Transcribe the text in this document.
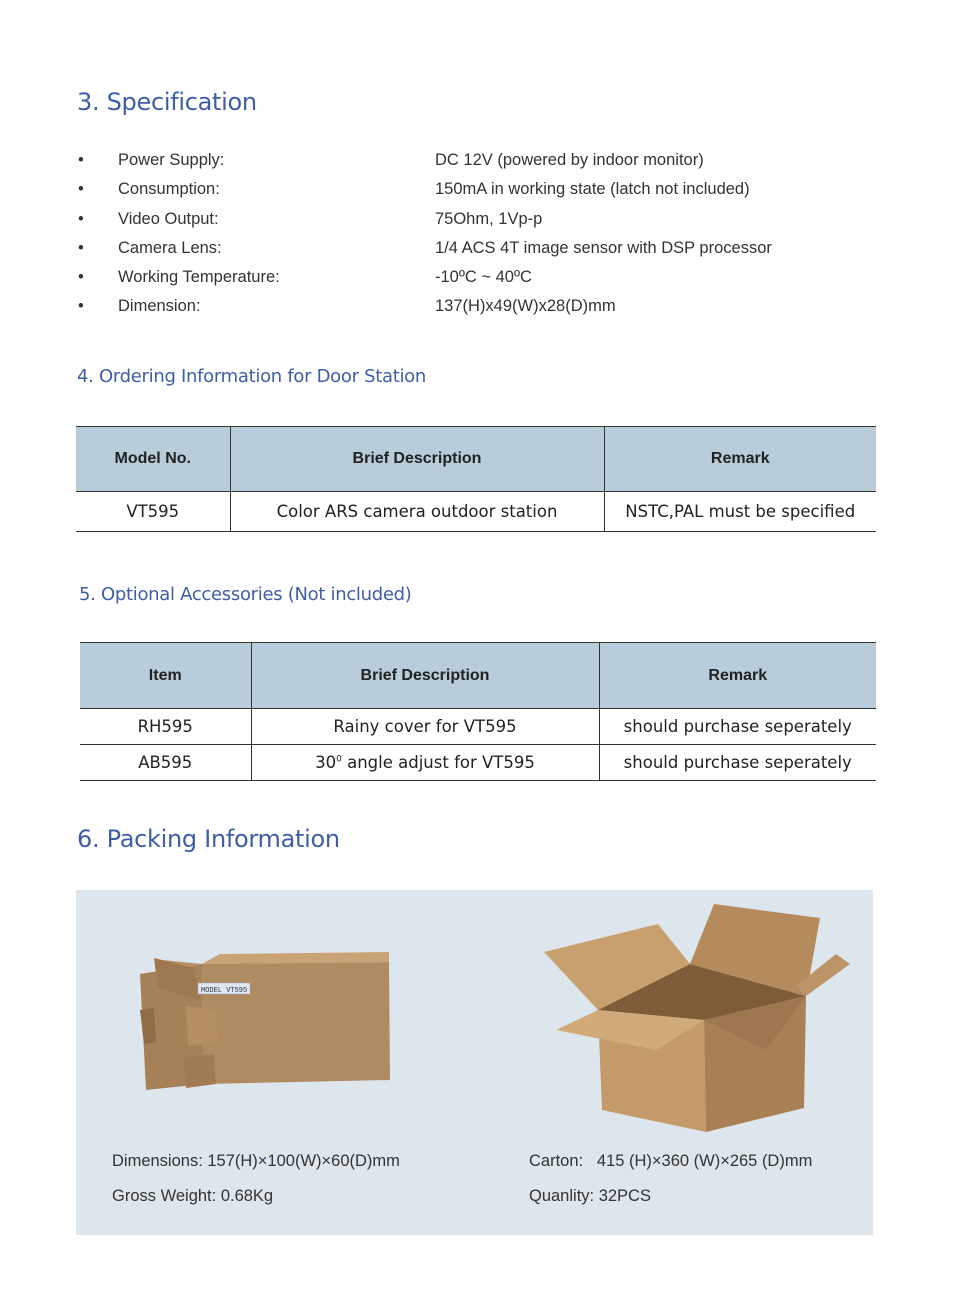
3. Specification
• Power Supply:	DC 12V (powered by indoor monitor)
• Consumption:	150mA in working state (latch not included)
• Video Output:	75Ohm, 1Vp-p
• Camera Lens:	1/4 ACS 4T image sensor with DSP processor
• Working Temperature:	-10ºC ~ 40ºC
• Dimension:	137(H)x49(W)x28(D)mm
4. Ordering Information for Door Station
Model No.	Brief Description	Remark
VT595	Color ARS camera outdoor station	NSTC,PAL must be specified
5. Optional Accessories (Not included)
Item	Brief Description	Remark
RH595	Rainy cover for VT595	should purchase seperately
AB595	$30^0$ angle adjust for VT595	should purchase seperately
6. Packing Information
MODEL VT595
Dimensions: 157(H)×100(W)×60(D)mm
Gross Weight: 0.68Kg
Carton:   415 (H)×360 (W)×265 (D)mm
Quanlity: 32PCS
